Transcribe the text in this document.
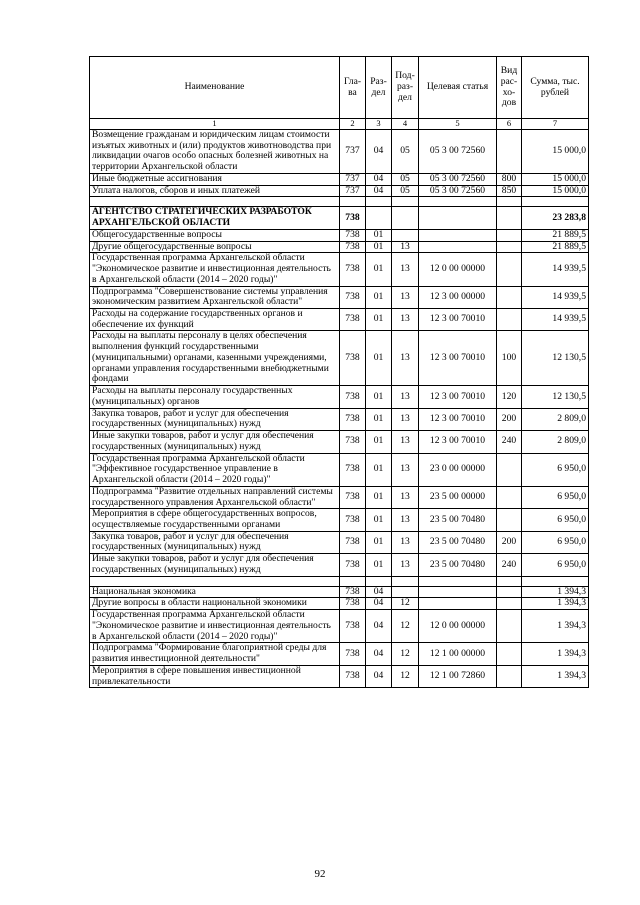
Наименование	Гла-ва	Раз-дел	Под-раз-дел	Целевая статья	Вид рас-хо-дов	Сумма, тыс. рублей
1	2	3	4	5	6	7
Возмещение гражданам и юридическим лицам стоимости изъятых животных и (или) продуктов животноводства при ликвидации очагов особо опасных болезней животных на территории Архангельской области	737	04	05	05 3 00 72560		15 000,0
Иные бюджетные ассигнования	737	04	05	05 3 00 72560	800	15 000,0
Уплата налогов, сборов и иных платежей	737	04	05	05 3 00 72560	850	15 000,0

АГЕНТСТВО СТРАТЕГИЧЕСКИХ РАЗРАБОТОК АРХАНГЕЛЬСКОЙ ОБЛАСТИ	738					23 283,8
Общегосударственные вопросы	738	01				21 889,5
Другие общегосударственные вопросы	738	01	13			21 889,5
Государственная программа Архангельской области "Экономическое развитие и инвестиционная деятельность в Архангельской области (2014 – 2020 годы)"	738	01	13	12 0 00 00000		14 939,5
Подпрограмма "Совершенствование системы управления экономическим развитием Архангельской области"	738	01	13	12 3 00 00000		14 939,5
Расходы на содержание государственных органов и обеспечение их функций	738	01	13	12 3 00 70010		14 939,5
Расходы на выплаты персоналу в целях обеспечения выполнения функций государственными (муниципальными) органами, казенными учреждениями, органами управления государственными внебюджетными фондами	738	01	13	12 3 00 70010	100	12 130,5
Расходы на выплаты персоналу государственных (муниципальных) органов	738	01	13	12 3 00 70010	120	12 130,5
Закупка товаров, работ и услуг для обеспечения государственных (муниципальных) нужд	738	01	13	12 3 00 70010	200	2 809,0
Иные закупки товаров, работ и услуг для обеспечения государственных (муниципальных) нужд	738	01	13	12 3 00 70010	240	2 809,0
Государственная программа Архангельской области "Эффективное государственное управление в Архангельской области (2014 – 2020 годы)"	738	01	13	23 0 00 00000		6 950,0
Подпрограмма "Развитие отдельных направлений системы государственного управления Архангельской области"	738	01	13	23 5 00 00000		6 950,0
Мероприятия в сфере общегосударственных вопросов, осуществляемые государственными органами	738	01	13	23 5 00 70480		6 950,0
Закупка товаров, работ и услуг для обеспечения государственных (муниципальных) нужд	738	01	13	23 5 00 70480	200	6 950,0
Иные закупки товаров, работ и услуг для обеспечения государственных (муниципальных) нужд	738	01	13	23 5 00 70480	240	6 950,0

Национальная экономика	738	04				1 394,3
Другие вопросы в области национальной экономики	738	04	12			1 394,3
Государственная программа Архангельской области "Экономическое развитие и инвестиционная деятельность в Архангельской области (2014 – 2020 годы)"	738	04	12	12 0 00 00000		1 394,3
Подпрограмма "Формирование благоприятной среды для развития инвестиционной деятельности"	738	04	12	12 1 00 00000		1 394,3
Мероприятия в сфере повышения инвестиционной привлекательности	738	04	12	12 1 00 72860		1 394,3
92
